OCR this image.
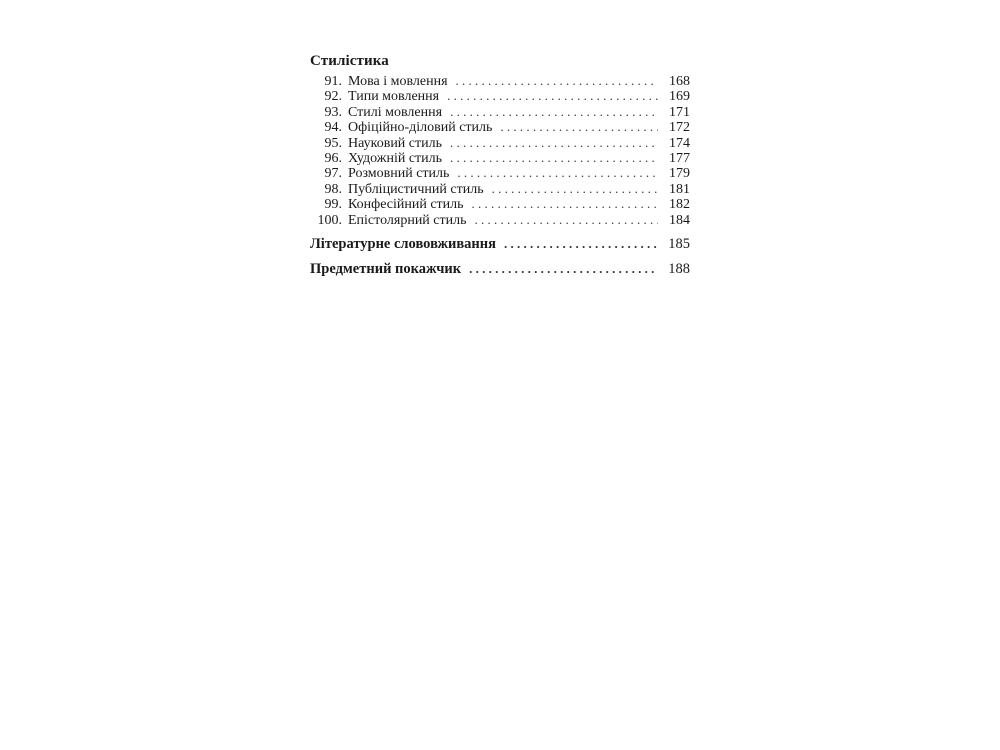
Стилістика
91. Мова і мовлення . . .	168
92. Типи мовлення . . .	169
93. Стилі мовлення . . .	171
94. Офіційно-діловий стиль . . .	172
95. Науковий стиль . . .	174
96. Художній стиль . . .	177
97. Розмовний стиль . . .	179
98. Публіцистичний стиль . . .	181
99. Конфесійний стиль . . .	182
100. Епістолярний стиль . . .	184
Літературне слововживання . . .	185
Предметний покажчик . . .	188
